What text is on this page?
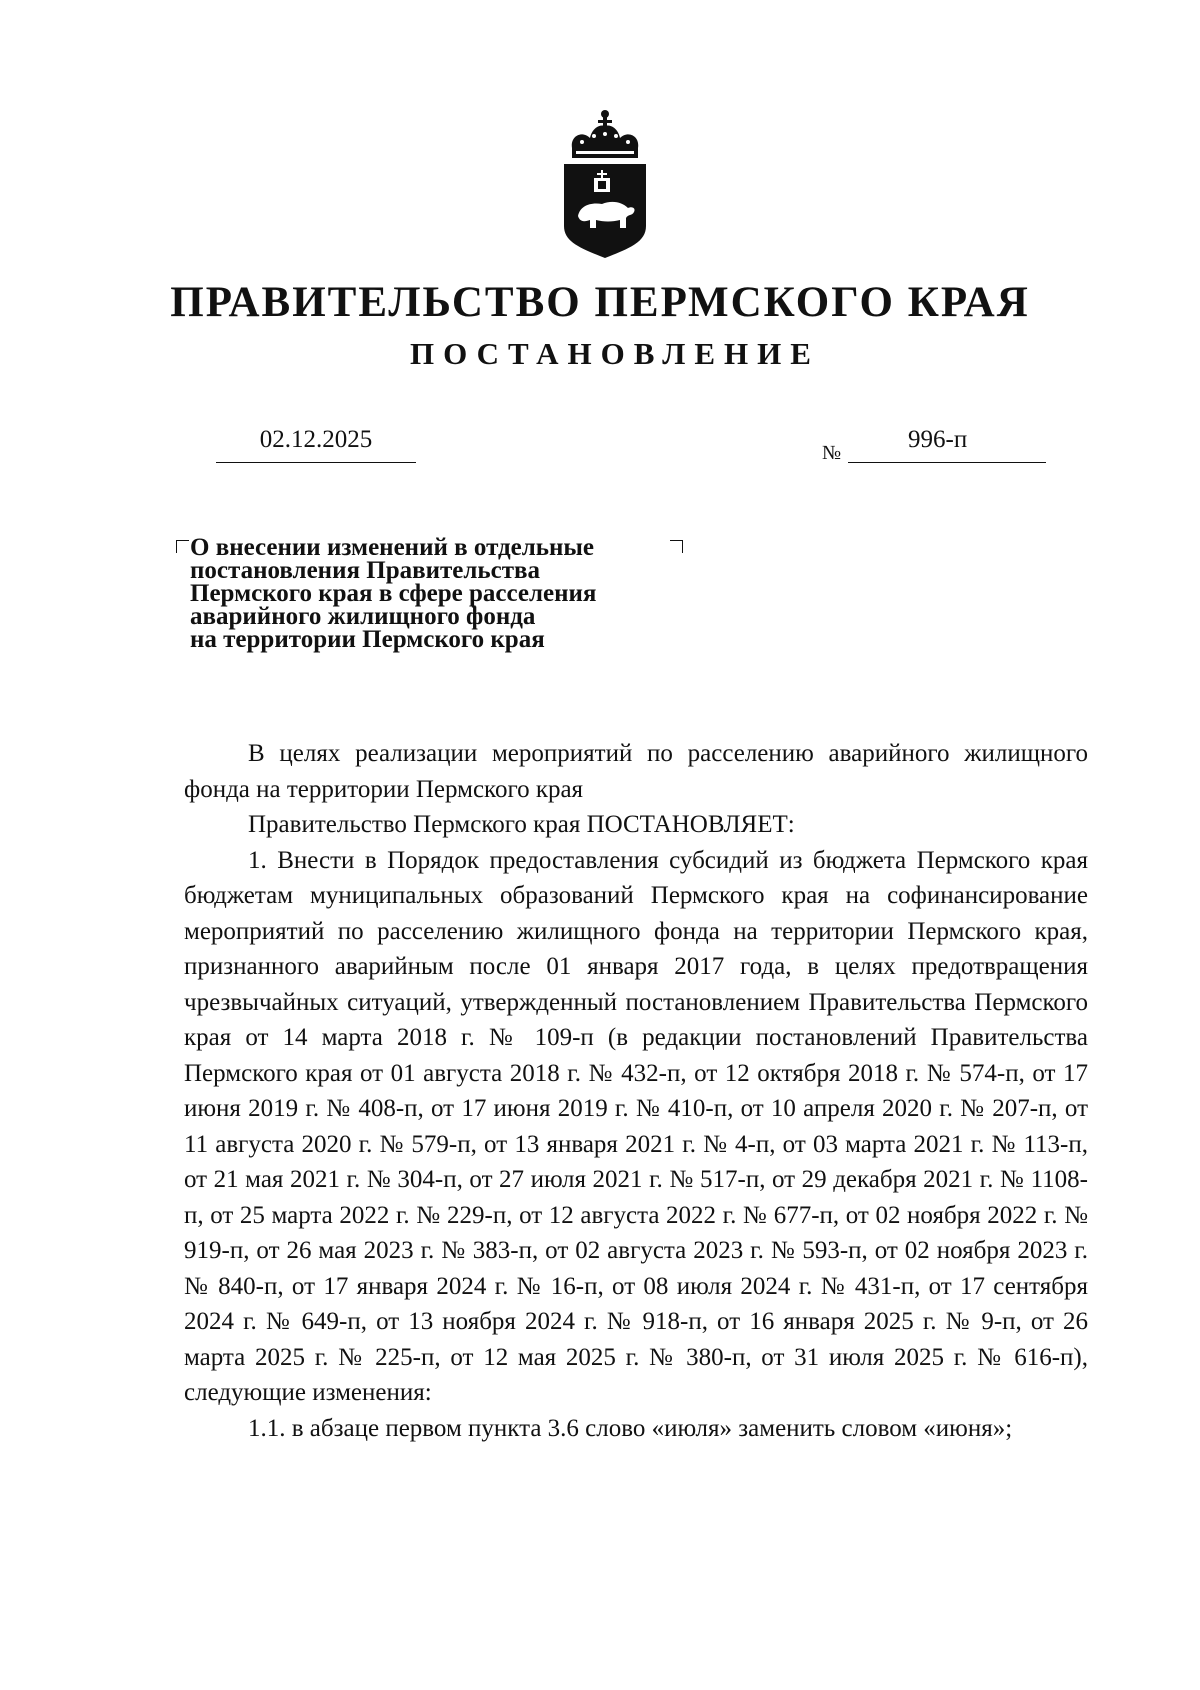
ПРАВИТЕЛЬСТВО ПЕРМСКОГО КРАЯ
ПОСТАНОВЛЕНИЕ
02.12.2025	№	996-п
О внесении изменений в отдельные
постановления Правительства
Пермского края в сфере расселения
аварийного жилищного фонда
на территории Пермского края

В целях реализации мероприятий по расселению аварийного жилищного фонда на территории Пермского края

Правительство Пермского края ПОСТАНОВЛЯЕТ:

1. Внести в Порядок предоставления субсидий из бюджета Пермского края бюджетам муниципальных образований Пермского края на софинансирование мероприятий по расселению жилищного фонда на территории Пермского края, признанного аварийным после 01 января 2017 года, в целях предотвращения чрезвычайных ситуаций, утвержденный постановлением Правительства Пермского края от 14 марта 2018 г. № 109-п (в редакции постановлений Правительства Пермского края от 01 августа 2018 г. № 432-п, от 12 октября 2018 г. № 574-п, от 17 июня 2019 г. № 408-п, от 17 июня 2019 г. № 410-п, от 10 апреля 2020 г. № 207-п, от 11 августа 2020 г. № 579-п, от 13 января 2021 г. № 4-п, от 03 марта 2021 г. № 113-п, от 21 мая 2021 г. № 304-п, от 27 июля 2021 г. № 517-п, от 29 декабря 2021 г. № 1108-п, от 25 марта 2022 г. № 229-п, от 12 августа 2022 г. № 677-п, от 02 ноября 2022 г. № 919-п, от 26 мая 2023 г. № 383-п, от 02 августа 2023 г. № 593-п, от 02 ноября 2023 г. № 840-п, от 17 января 2024 г. № 16-п, от 08 июля 2024 г. № 431-п, от 17 сентября 2024 г. № 649-п, от 13 ноября 2024 г. № 918-п, от 16 января 2025 г. № 9-п, от 26 марта 2025 г. № 225-п, от 12 мая 2025 г. № 380-п, от 31 июля 2025 г. № 616-п), следующие изменения:

1.1. в абзаце первом пункта 3.6 слово «июля» заменить словом «июня»;
